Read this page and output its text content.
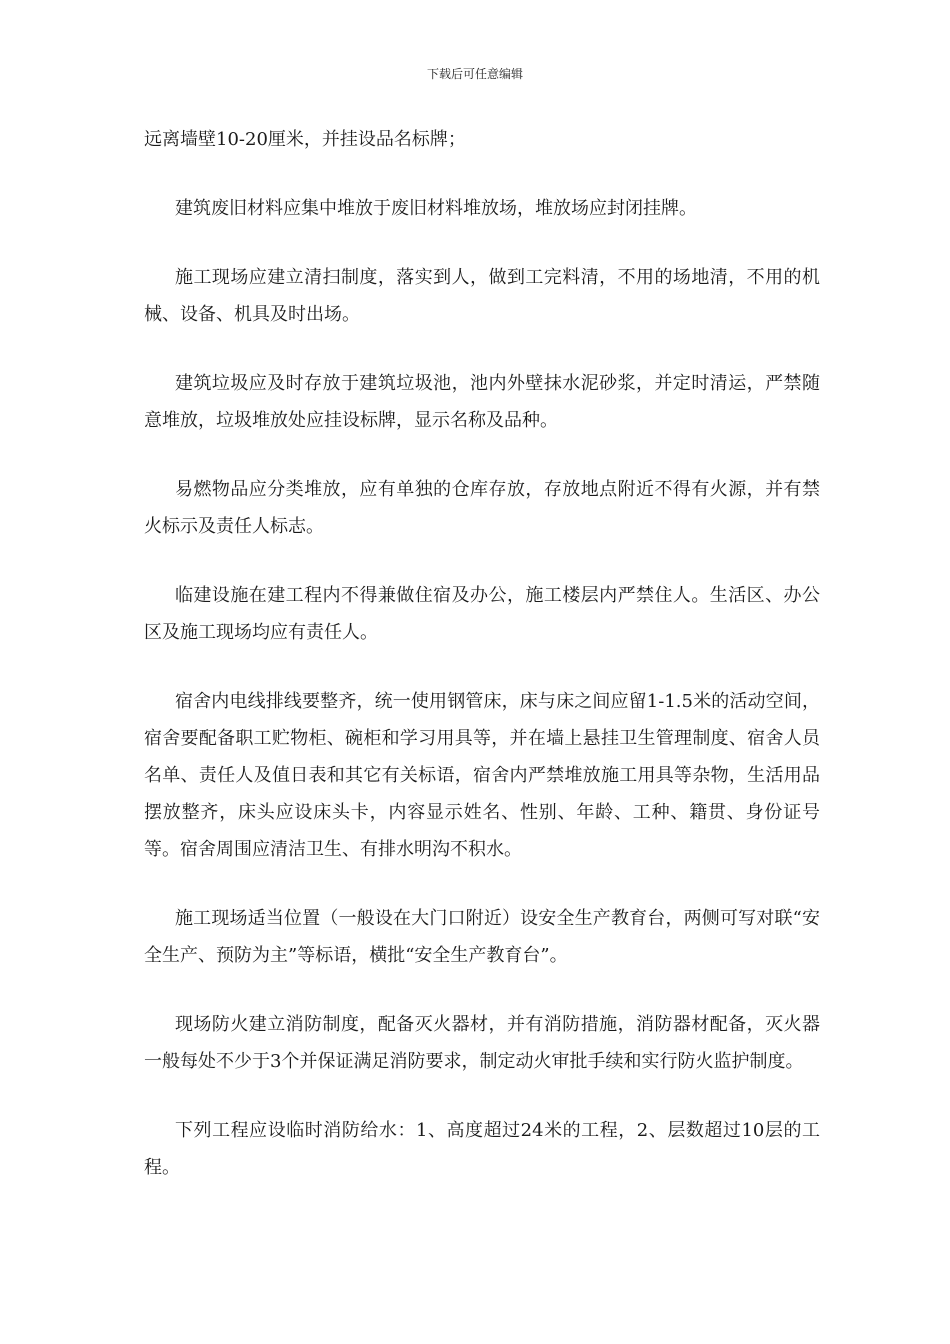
下载后可任意编辑

远离墙壁10-20厘米，并挂设品名标牌；

建筑废旧材料应集中堆放于废旧材料堆放场，堆放场应封闭挂牌。

施工现场应建立清扫制度，落实到人，做到工完料清，不用的场地清，不用的机械、设备、机具及时出场。

建筑垃圾应及时存放于建筑垃圾池，池内外壁抹水泥砂浆，并定时清运，严禁随意堆放，垃圾堆放处应挂设标牌，显示名称及品种。

易燃物品应分类堆放，应有单独的仓库存放，存放地点附近不得有火源，并有禁火标示及责任人标志。

临建设施在建工程内不得兼做住宿及办公，施工楼层内严禁住人。生活区、办公区及施工现场均应有责任人。

宿舍内电线排线要整齐，统一使用钢管床，床与床之间应留1-1.5米的活动空间，宿舍要配备职工贮物柜、碗柜和学习用具等，并在墙上悬挂卫生管理制度、宿舍人员名单、责任人及值日表和其它有关标语，宿舍内严禁堆放施工用具等杂物，生活用品摆放整齐，床头应设床头卡，内容显示姓名、性别、年龄、工种、籍贯、身份证号等。宿舍周围应清洁卫生、有排水明沟不积水。

施工现场适当位置（一般设在大门口附近）设安全生产教育台，两侧可写对联“安全生产、预防为主”等标语，横批“安全生产教育台”。

现场防火建立消防制度，配备灭火器材，并有消防措施，消防器材配备，灭火器一般每处不少于3个并保证满足消防要求，制定动火审批手续和实行防火监护制度。

下列工程应设临时消防给水：1、高度超过24米的工程，2、层数超过10层的工程。
